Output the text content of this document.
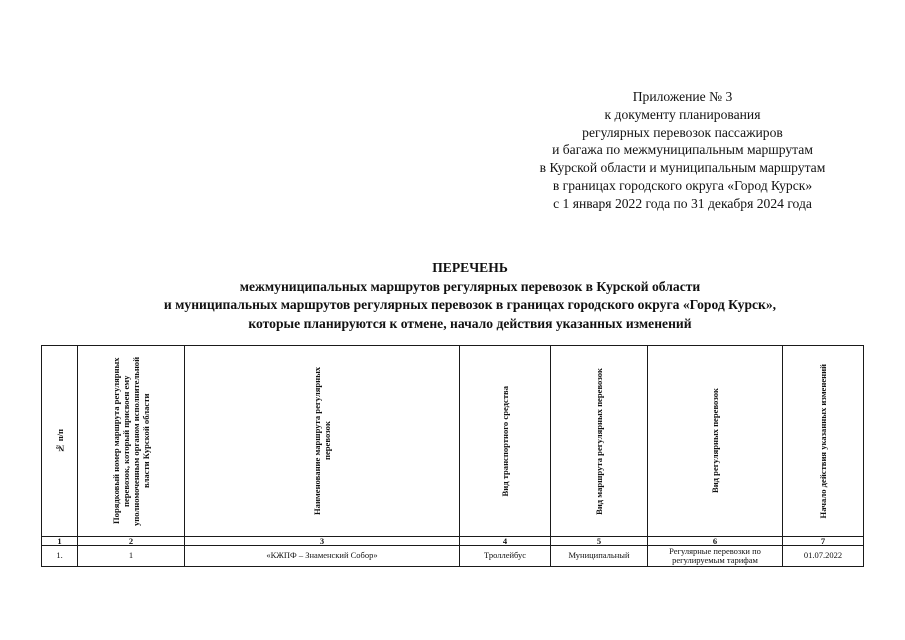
Приложение № 3
к документу планирования
регулярных перевозок пассажиров
и багажа по межмуниципальным маршрутам
в Курской области и муниципальным маршрутам
в границах городского округа «Город Курск»
с 1 января 2022 года по 31 декабря 2024 года
ПЕРЕЧЕНЬ
межмуниципальных маршрутов регулярных перевозок в Курской области
и муниципальных маршрутов регулярных перевозок в границах городского округа «Город Курск»,
которые планируются к отмене, начало действия указанных изменений
№ п/п	Порядковый номер маршрута регулярных перевозок, который присвоен ему уполномоченным органом исполнительной власти Курской области	Наименование маршрута регулярных перевозок	Вид транспортного средства	Вид маршрута регулярных перевозок	Вид регулярных перевозок	Начало действия указанных изменений

1	2	3	4	5	6	7
1.	1	«КЖПФ – Знаменский Собор»	Троллейбус	Муниципальный	Регулярные перевозки по регулируемым тарифам	01.07.2022
